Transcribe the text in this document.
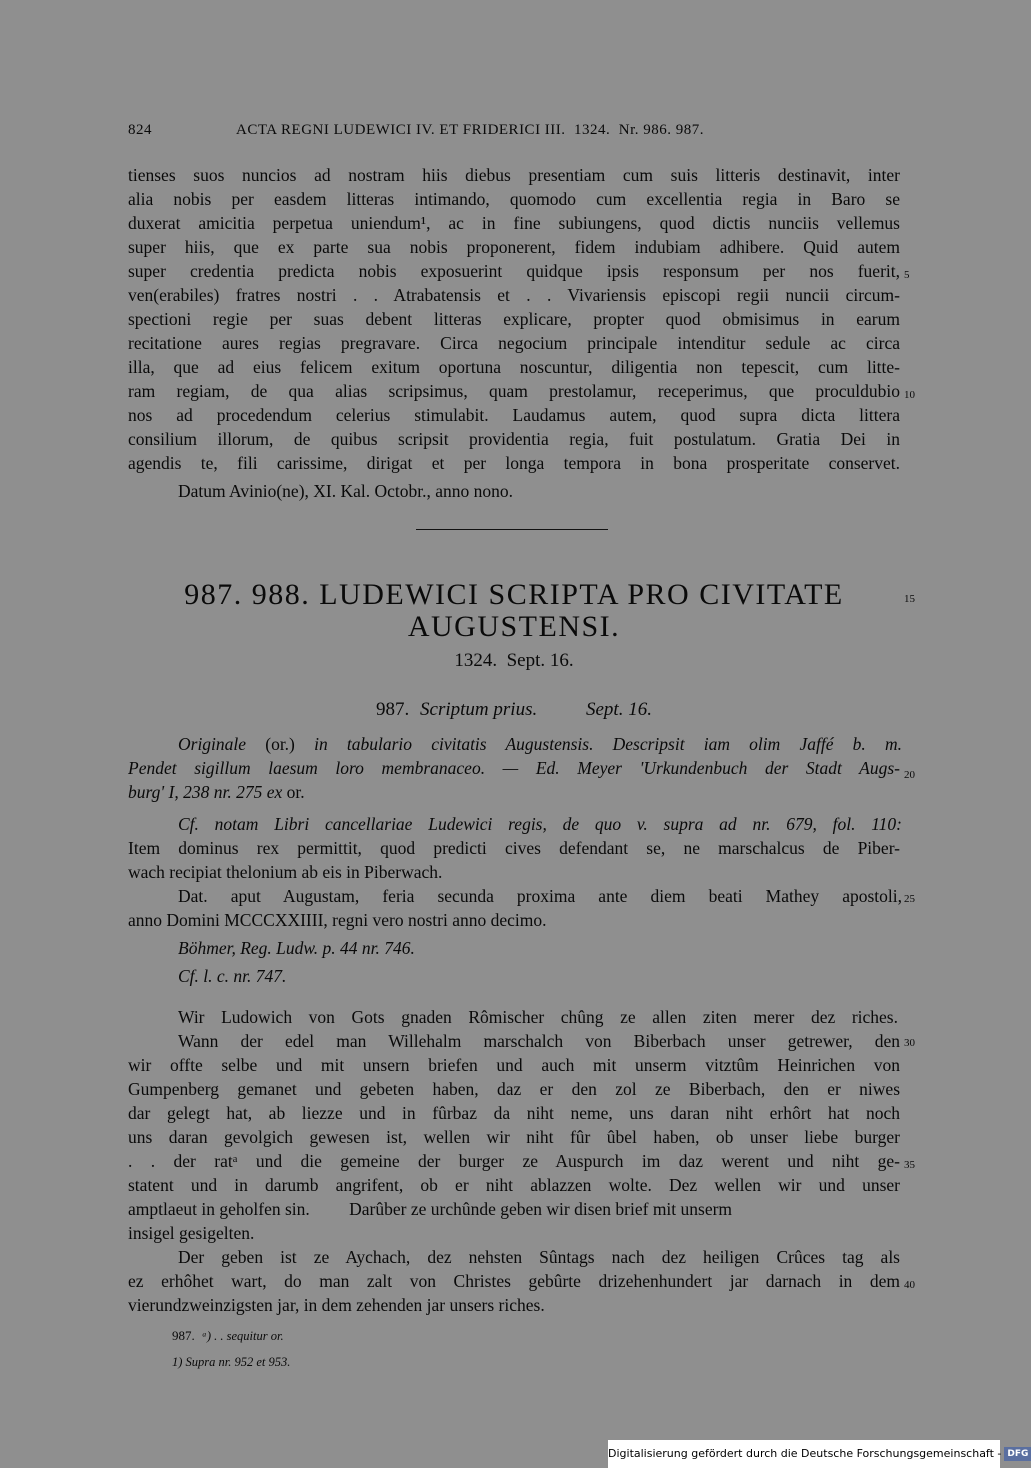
824	ACTA REGNI LUDEWICI IV. ET FRIDERICI III.  1324.  Nr. 986. 987.
tienses suos nuncios ad nostram hiis diebus presentiam cum suis litteris destinavit, inter
alia nobis per easdem litteras intimando, quomodo cum excellentia regia in Baro se
duxerat amicitia perpetua uniendum¹, ac in fine subiungens, quod dictis nunciis vellemus
super hiis, que ex parte sua nobis proponerent, fidem indubiam adhibere. Quid autem
super credentia predicta nobis exposuerint quidque ipsis responsum per nos fuerit,
ven(erabiles) fratres nostri . . Atrabatensis et . . Vivariensis episcopi regii nuncii circum-
spectioni regie per suas debent litteras explicare, propter quod obmisimus in earum
recitatione aures regias pregravare. Circa negocium principale intenditur sedule ac circa
illa, que ad eius felicem exitum oportuna noscuntur, diligentia non tepescit, cum litte-
ram regiam, de qua alias scripsimus, quam prestolamur, receperimus, que proculdubio
nos ad procedendum celerius stimulabit. Laudamus autem, quod supra dicta littera
consilium illorum, de quibus scripsit providentia regia, fuit postulatum. Gratia Dei in
agendis te, fili carissime, dirigat et per longa tempora in bona prosperitate conservet.
Datum Avinio(ne), XI. Kal. Octobr., anno nono.
5
10
15
20
25
30
35
40
987. 988. LUDEWICI SCRIPTA PRO CIVITATE
AUGUSTENSI.
1324.  Sept. 16.
987. Scriptum prius.	Sept. 16.
Originale (or.) in tabulario civitatis Augustensis. Descripsit iam olim Jaffé b. m.
Pendet sigillum laesum loro membranaceo. — Ed. Meyer 'Urkundenbuch der Stadt Augs-
burg' I, 238 nr. 275 ex or.
Cf. notam Libri cancellariae Ludewici regis, de quo v. supra ad nr. 679, fol. 110:
Item dominus rex permittit, quod predicti cives defendant se, ne marschalcus de Piber-
wach recipiat thelonium ab eis in Piberwach.
Dat. aput Augustam, feria secunda proxima ante diem beati Mathey apostoli,
anno Domini MCCCXXIIII, regni vero nostri anno decimo.
Böhmer, Reg. Ludw. p. 44 nr. 746.
Cf. l. c. nr. 747.
Wir Ludowich von Gots gnaden Rômischer chûng ze allen ziten merer dez riches.
Wann der edel man Willehalm marschalch von Biberbach unser getrewer, den
wir offte selbe und mit unsern briefen und auch mit unserm vitztûm Heinrichen von
Gumpenberg gemanet und gebeten haben, daz er den zol ze Biberbach, den er niwes
dar gelegt hat, ab liezze und in fûrbaz da niht neme, uns daran niht erhôrt hat noch
uns daran gevolgich gewesen ist, wellen wir niht fûr ûbel haben, ob unser liebe burger
. . der ratᵃ und die gemeine der burger ze Auspurch im daz werent und niht ge-
statent und in darumb angrifent, ob er niht ablazzen wolte. Dez wellen wir und unser
amptlaeut in geholfen sin.         Darûber ze urchûnde geben wir disen brief mit unserm
insigel gesigelten.
Der geben ist ze Aychach, dez nehsten Sûntags nach dez heiligen Crûces tag als
ez erhôhet wart, do man zalt von Christes gebûrte drizehenhundert jar darnach in dem
vierundzweinzigsten jar, in dem zehenden jar unsers riches.
987. ᵃ) . . sequitur or.
1) Supra nr. 952 et 953.
Digitalisierung gefördert durch die Deutsche Forschungsgemeinschaft - DFG
